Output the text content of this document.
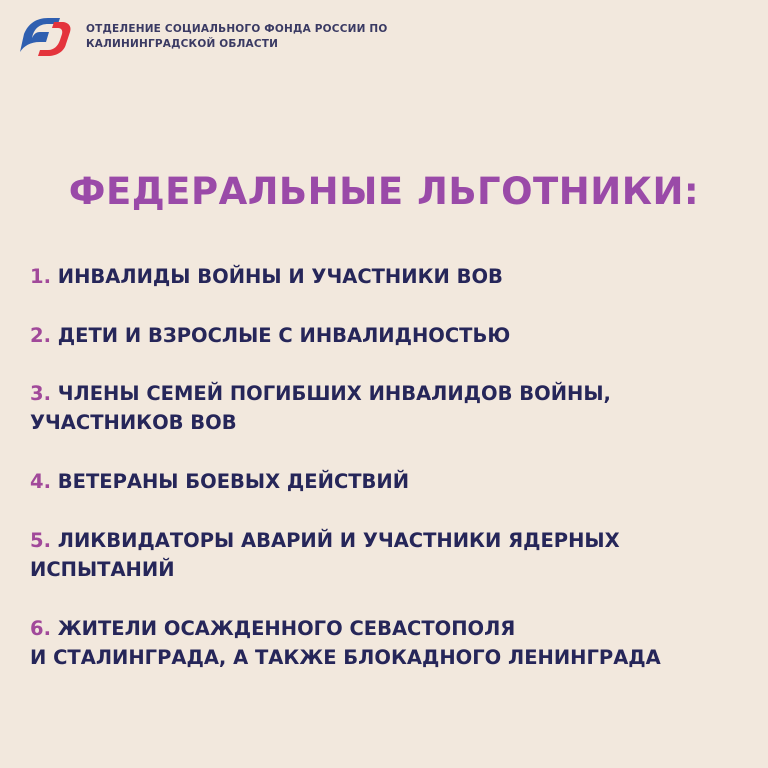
ОТДЕЛЕНИЕ СОЦИАЛЬНОГО ФОНДА РОССИИ ПО
КАЛИНИНГРАДСКОЙ ОБЛАСТИ
ФЕДЕРАЛЬНЫЕ ЛЬГОТНИКИ:
1. ИНВАЛИДЫ ВОЙНЫ И УЧАСТНИКИ ВОВ
2. ДЕТИ И ВЗРОСЛЫЕ С ИНВАЛИДНОСТЬЮ
3. ЧЛЕНЫ СЕМЕЙ ПОГИБШИХ ИНВАЛИДОВ ВОЙНЫ,
УЧАСТНИКОВ ВОВ
4. ВЕТЕРАНЫ БОЕВЫХ ДЕЙСТВИЙ
5. ЛИКВИДАТОРЫ АВАРИЙ И УЧАСТНИКИ ЯДЕРНЫХ
ИСПЫТАНИЙ
6. ЖИТЕЛИ ОСАЖДЕННОГО СЕВАСТОПОЛЯ
И СТАЛИНГРАДА, А ТАКЖЕ БЛОКАДНОГО ЛЕНИНГРАДА
